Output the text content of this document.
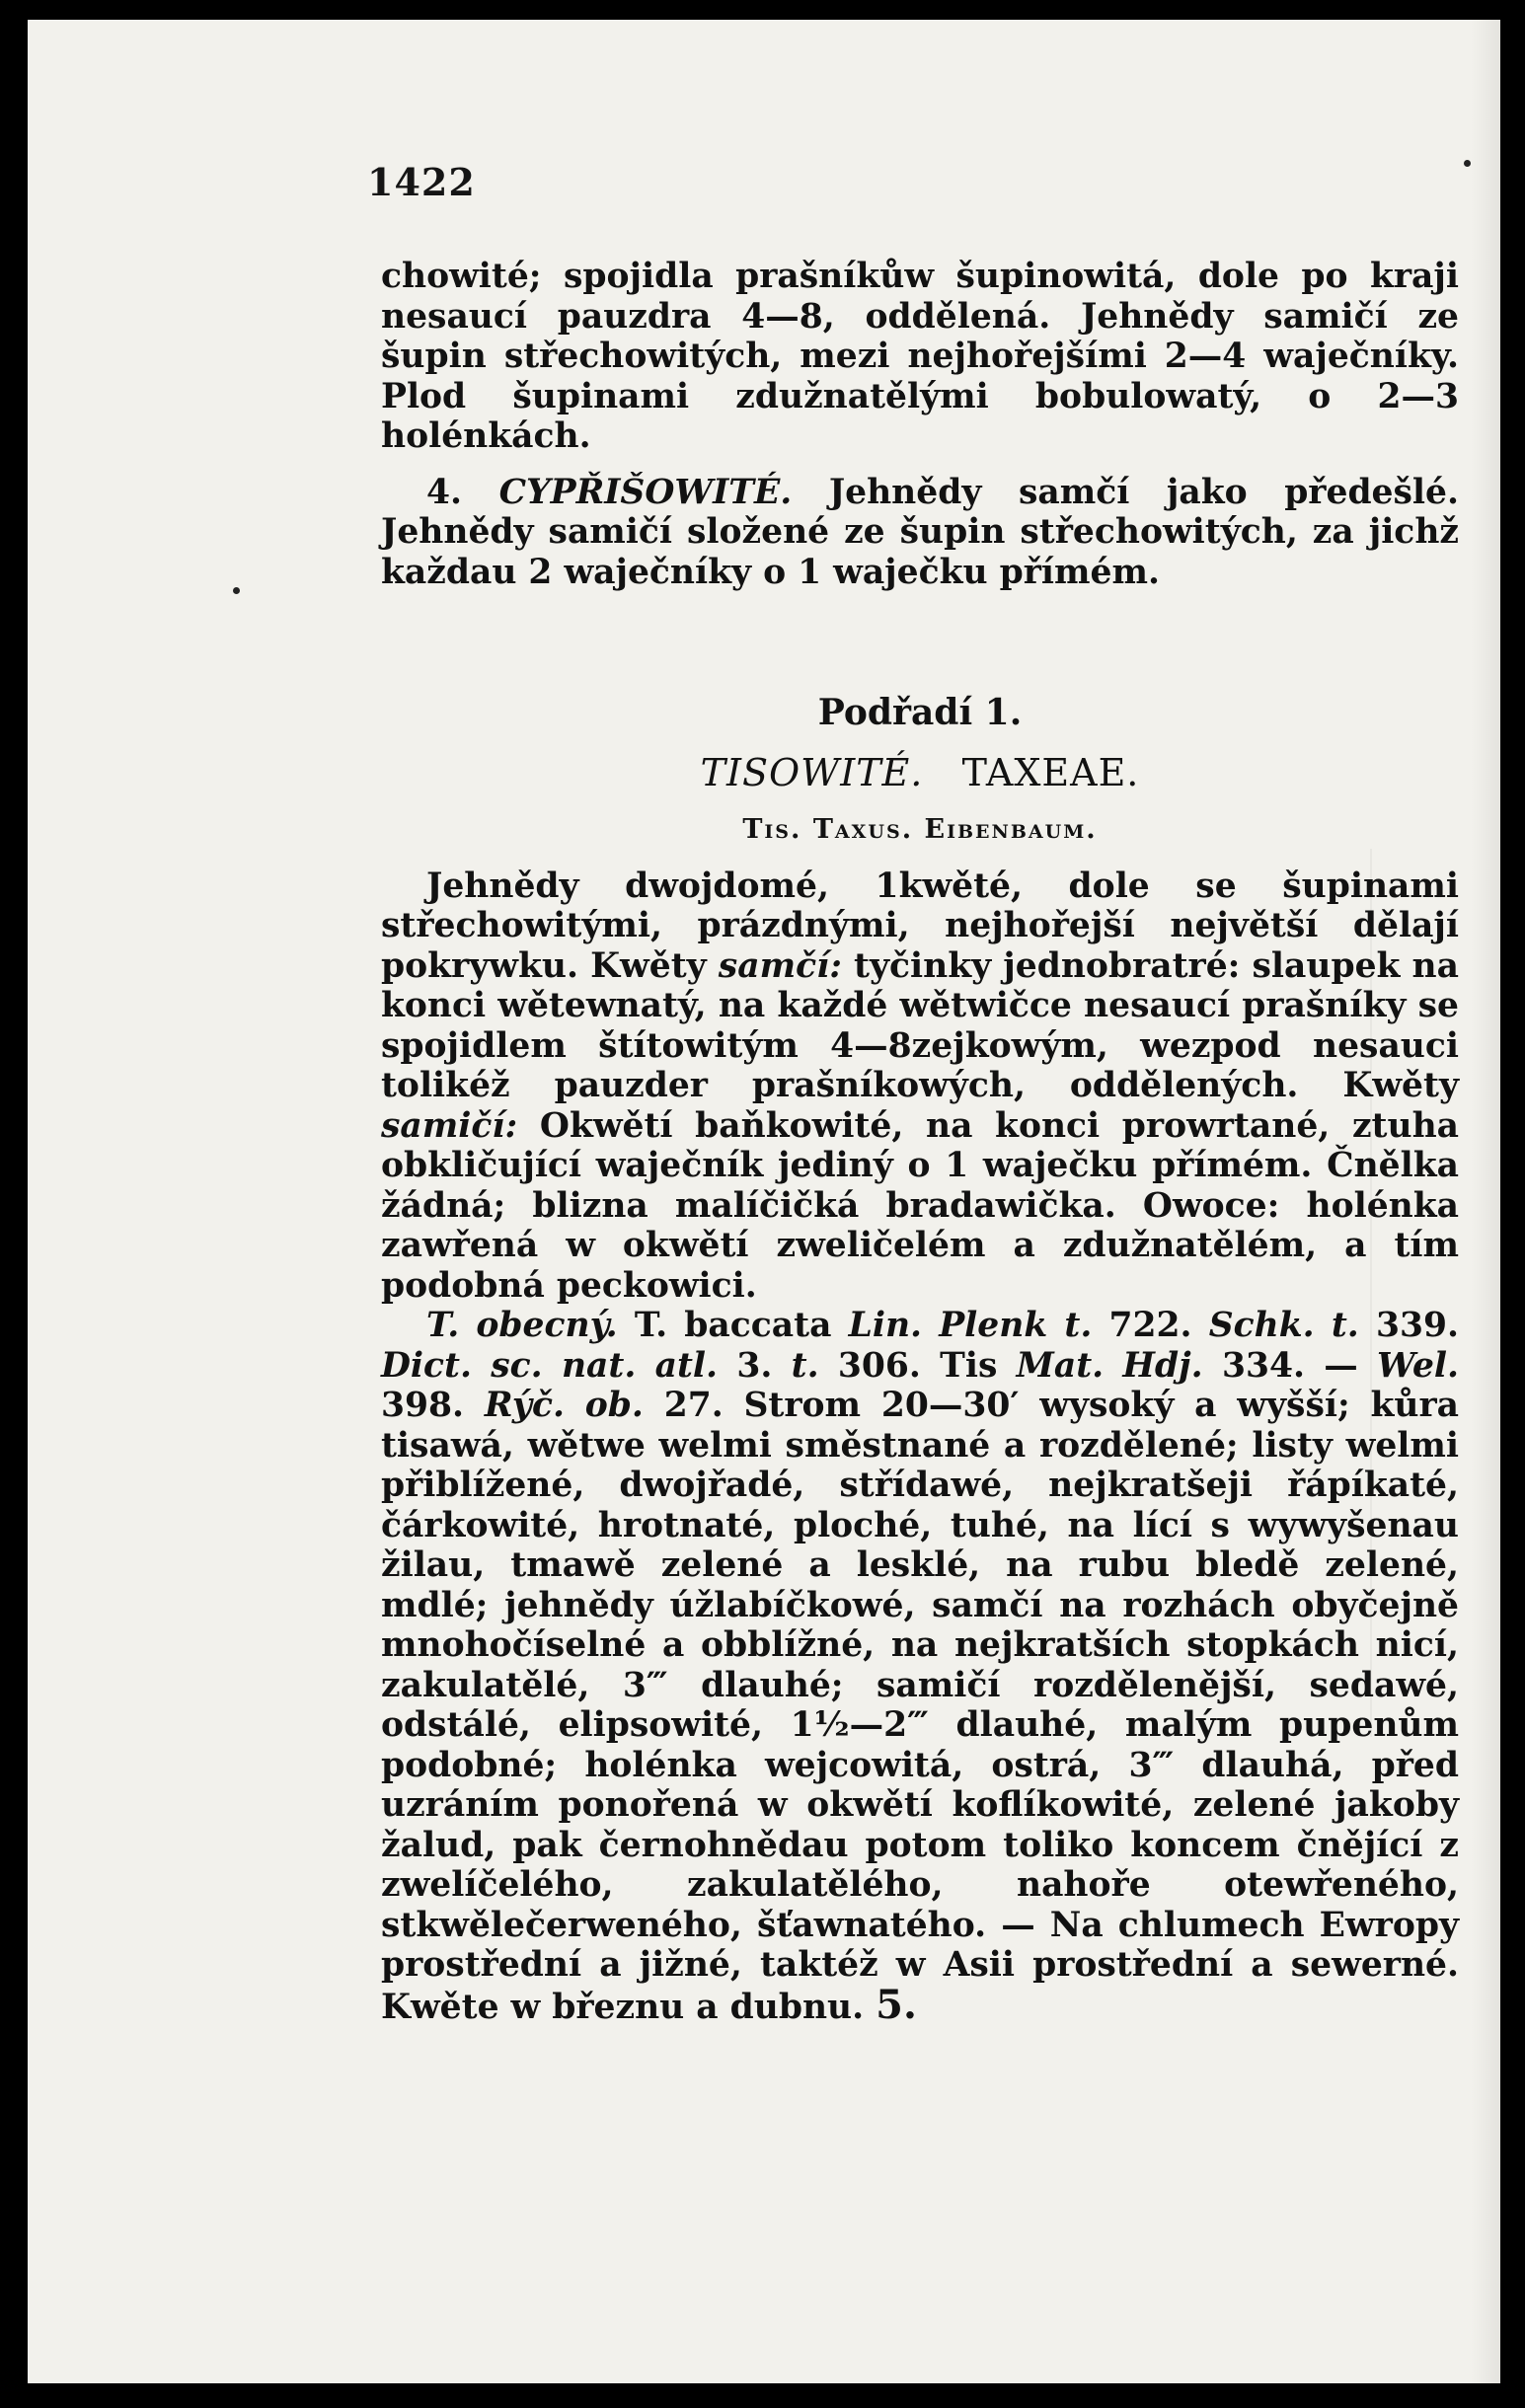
1422

chowité; spojidla prašníkůw šupinowitá, dole po kraji nesaucí pauzdra 4—8, oddělená. Jehnědy samičí ze šupin střechowitých, mezi nejhořejšími 2—4 waječníky. Plod šupinami zdužnatělými bobulowatý, o 2—3 holénkách.

4. CYPŘIŠOWITÉ. Jehnědy samčí jako předešlé. Jehnědy samičí složené ze šupin střechowitých, za jichž každau 2 waječníky o 1 waječku přímém.

Podřadí 1.

TISOWITÉ. TAXEAE.

Tis. Taxus. Eibenbaum.

Jehnědy dwojdomé, 1kwěté, dole se šupinami střechowitými, prázdnými, nejhořejší největší dělají pokrywku. Kwěty samčí: tyčinky jednobratré: slaupek na konci wětewnatý, na každé wětwičce nesaucí prašníky se spojidlem štítowitým 4—8zejkowým, wezpod nesauci tolikéž pauzder prašníkowých, oddělených. Kwěty samičí: Okwětí baňkowité, na konci prowrtané, ztuha obkličující waječník jediný o 1 waječku přímém. Čnělka žádná; blizna malíčičká bradawička. Owoce: holénka zawřená w okwětí zweličelém a zdužnatělém, a tím podobná peckowici.

T. obecný. T. baccata Lin. Plenk t. 722. Schk. t. 339. Dict. sc. nat. atl. 3. t. 306. Tis Mat. Hdj. 334. — Wel. 398. Rýč. ob. 27. Strom 20—30′ wysoký a wyšší; kůra tisawá, wětwe welmi směstnané a rozdělené; listy welmi přiblížené, dwojřadé, střídawé, nejkratšeji řápíkaté, čárkowité, hrotnaté, ploché, tuhé, na lící s wywyšenau žilau, tmawě zelené a lesklé, na rubu bledě zelené, mdlé; jehnědy úžlabíčkowé, samčí na rozhách obyčejně mnohočíselné a obblížné, na nejkratších stopkách nicí, zakulatělé, 3‴ dlauhé; samičí rozdělenější, sedawé, odstálé, elipsowité, 1½—2‴ dlauhé, malým pupenům podobné; holénka wejcowitá, ostrá, 3‴ dlauhá, před uzráním ponořená w okwětí koflíkowité, zelené jakoby žalud, pak černohnědau potom toliko koncem čnějící z zwelíčelého, zakulatělého, nahoře otewřeného, stkwělečerweného, šťawnatého. — Na chlumech Ewropy prostřední a jižné, taktéž w Asii prostřední a sewerné. Kwěte w březnu a dubnu. 5.
